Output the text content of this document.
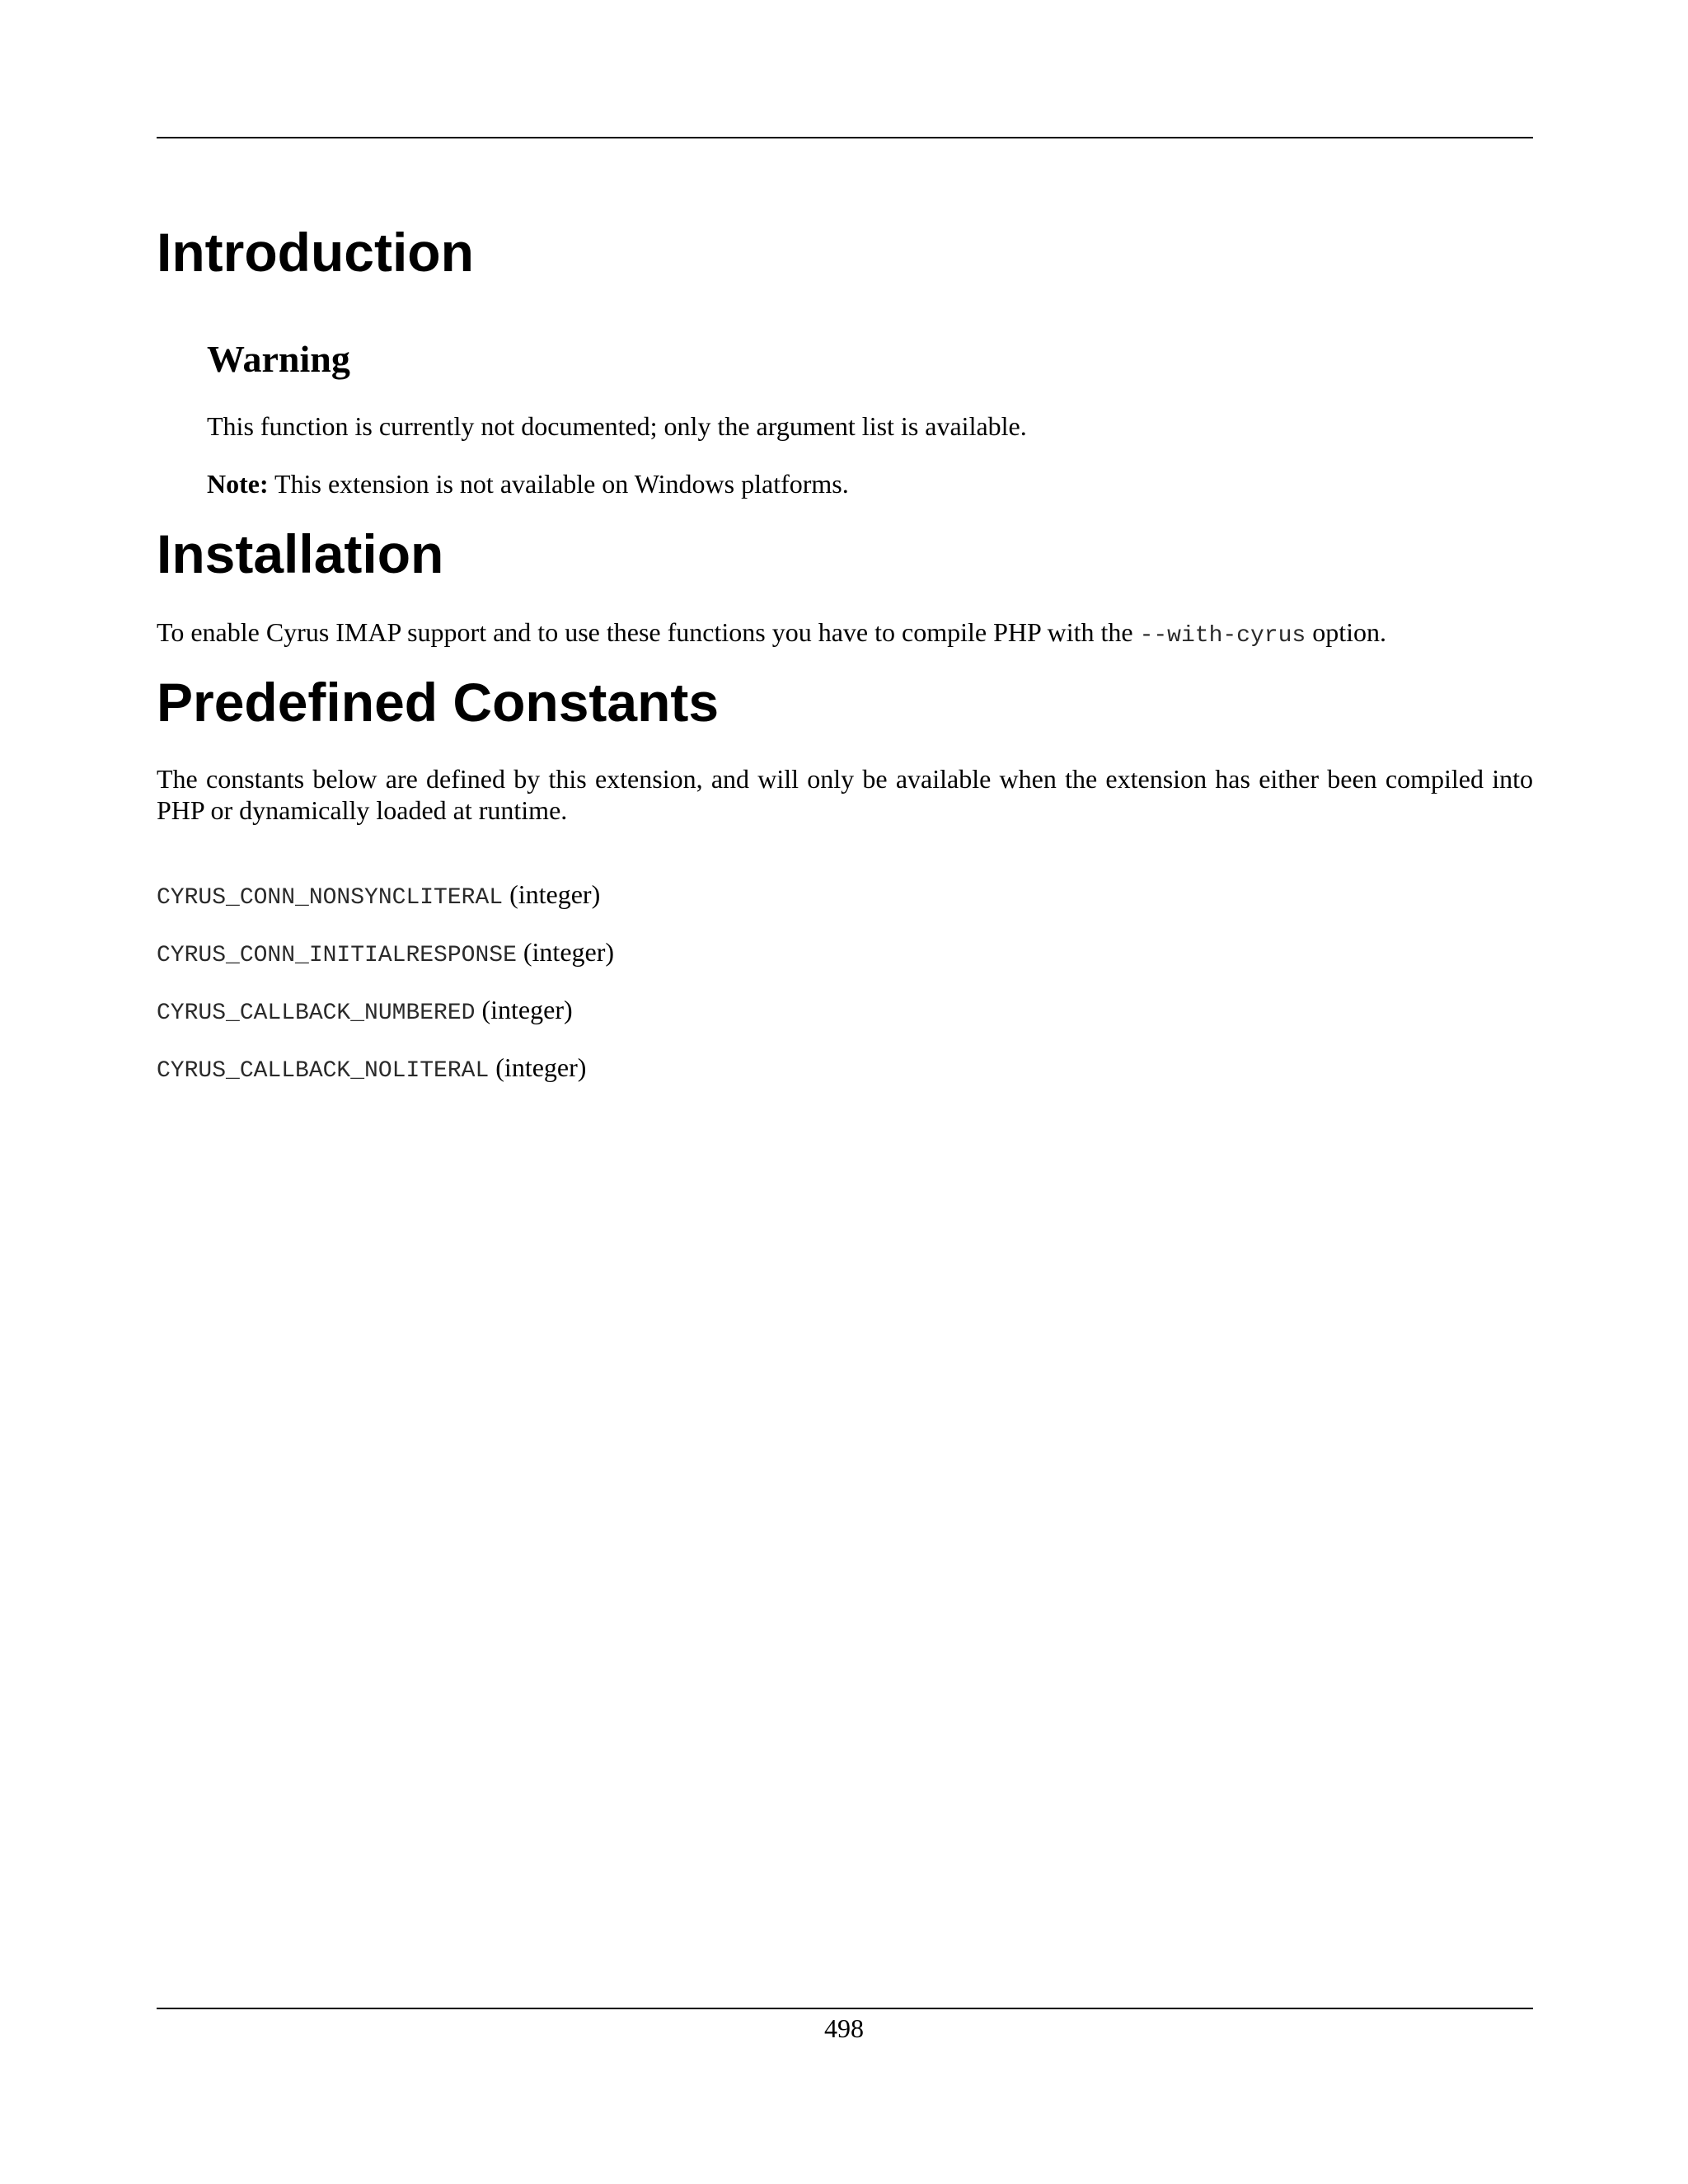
Introduction
Warning

This function is currently not documented; only the argument list is available.

Note: This extension is not available on Windows platforms.

Installation

To enable Cyrus IMAP support and to use these functions you have to compile PHP with the --with-cyrus option.

Predefined Constants

The constants below are defined by this extension, and will only be available when the extension has either been compiled into PHP or dynamically loaded at runtime.

CYRUS_CONN_NONSYNCLITERAL (integer)

CYRUS_CONN_INITIALRESPONSE (integer)

CYRUS_CALLBACK_NUMBERED (integer)

CYRUS_CALLBACK_NOLITERAL (integer)

498
